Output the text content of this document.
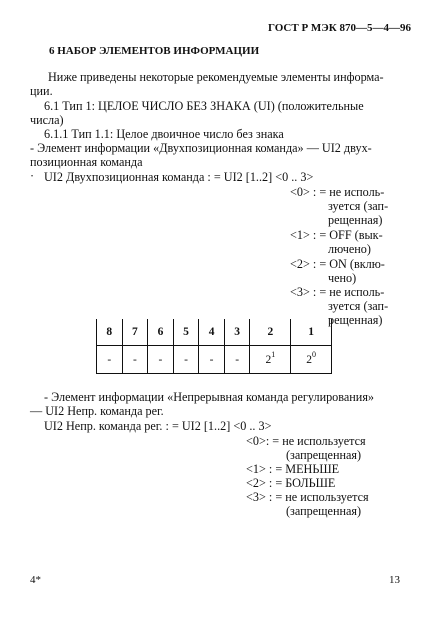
ГОСТ Р МЭК 870—5—4—96
6 НАБОР ЭЛЕМЕНТОВ ИНФОРМАЦИИ
Ниже приведены некоторые рекомендуемые элементы информа-
ции.
6.1 Тип 1: ЦЕЛОЕ ЧИСЛО БЕЗ ЗНАКА (UI) (положительные
числа)
6.1.1 Тип 1.1: Целое двоичное число без знака
- Элемент информации «Двухпозиционная команда» — UI2 двух-
позиционная команда
· UI2 Двухпозиционная команда : = UI2 [1..2] <0 .. 3>
<0> : = не исполь-
зуется (зап-
рещенная)
<1> : = OFF (вык-
лючено)
<2> : = ON (вклю-
чено)
<3> : = не исполь-
зуется (зап-
рещенная)
8	7	6	5	4	3	2	1
-	-	-	-	-	-	$2^1$	$2^0$
- Элемент информации «Непрерывная команда регулирования»
— UI2 Непр. команда рег.
UI2 Непр. команда рег. : = UI2 [1..2] <0 .. 3>
<0>: = не используется
(запрещенная)
<1> : = МЕНЬШЕ
<2> : = БОЛЬШЕ
<3> : = не используется
(запрещенная)
4*	13
